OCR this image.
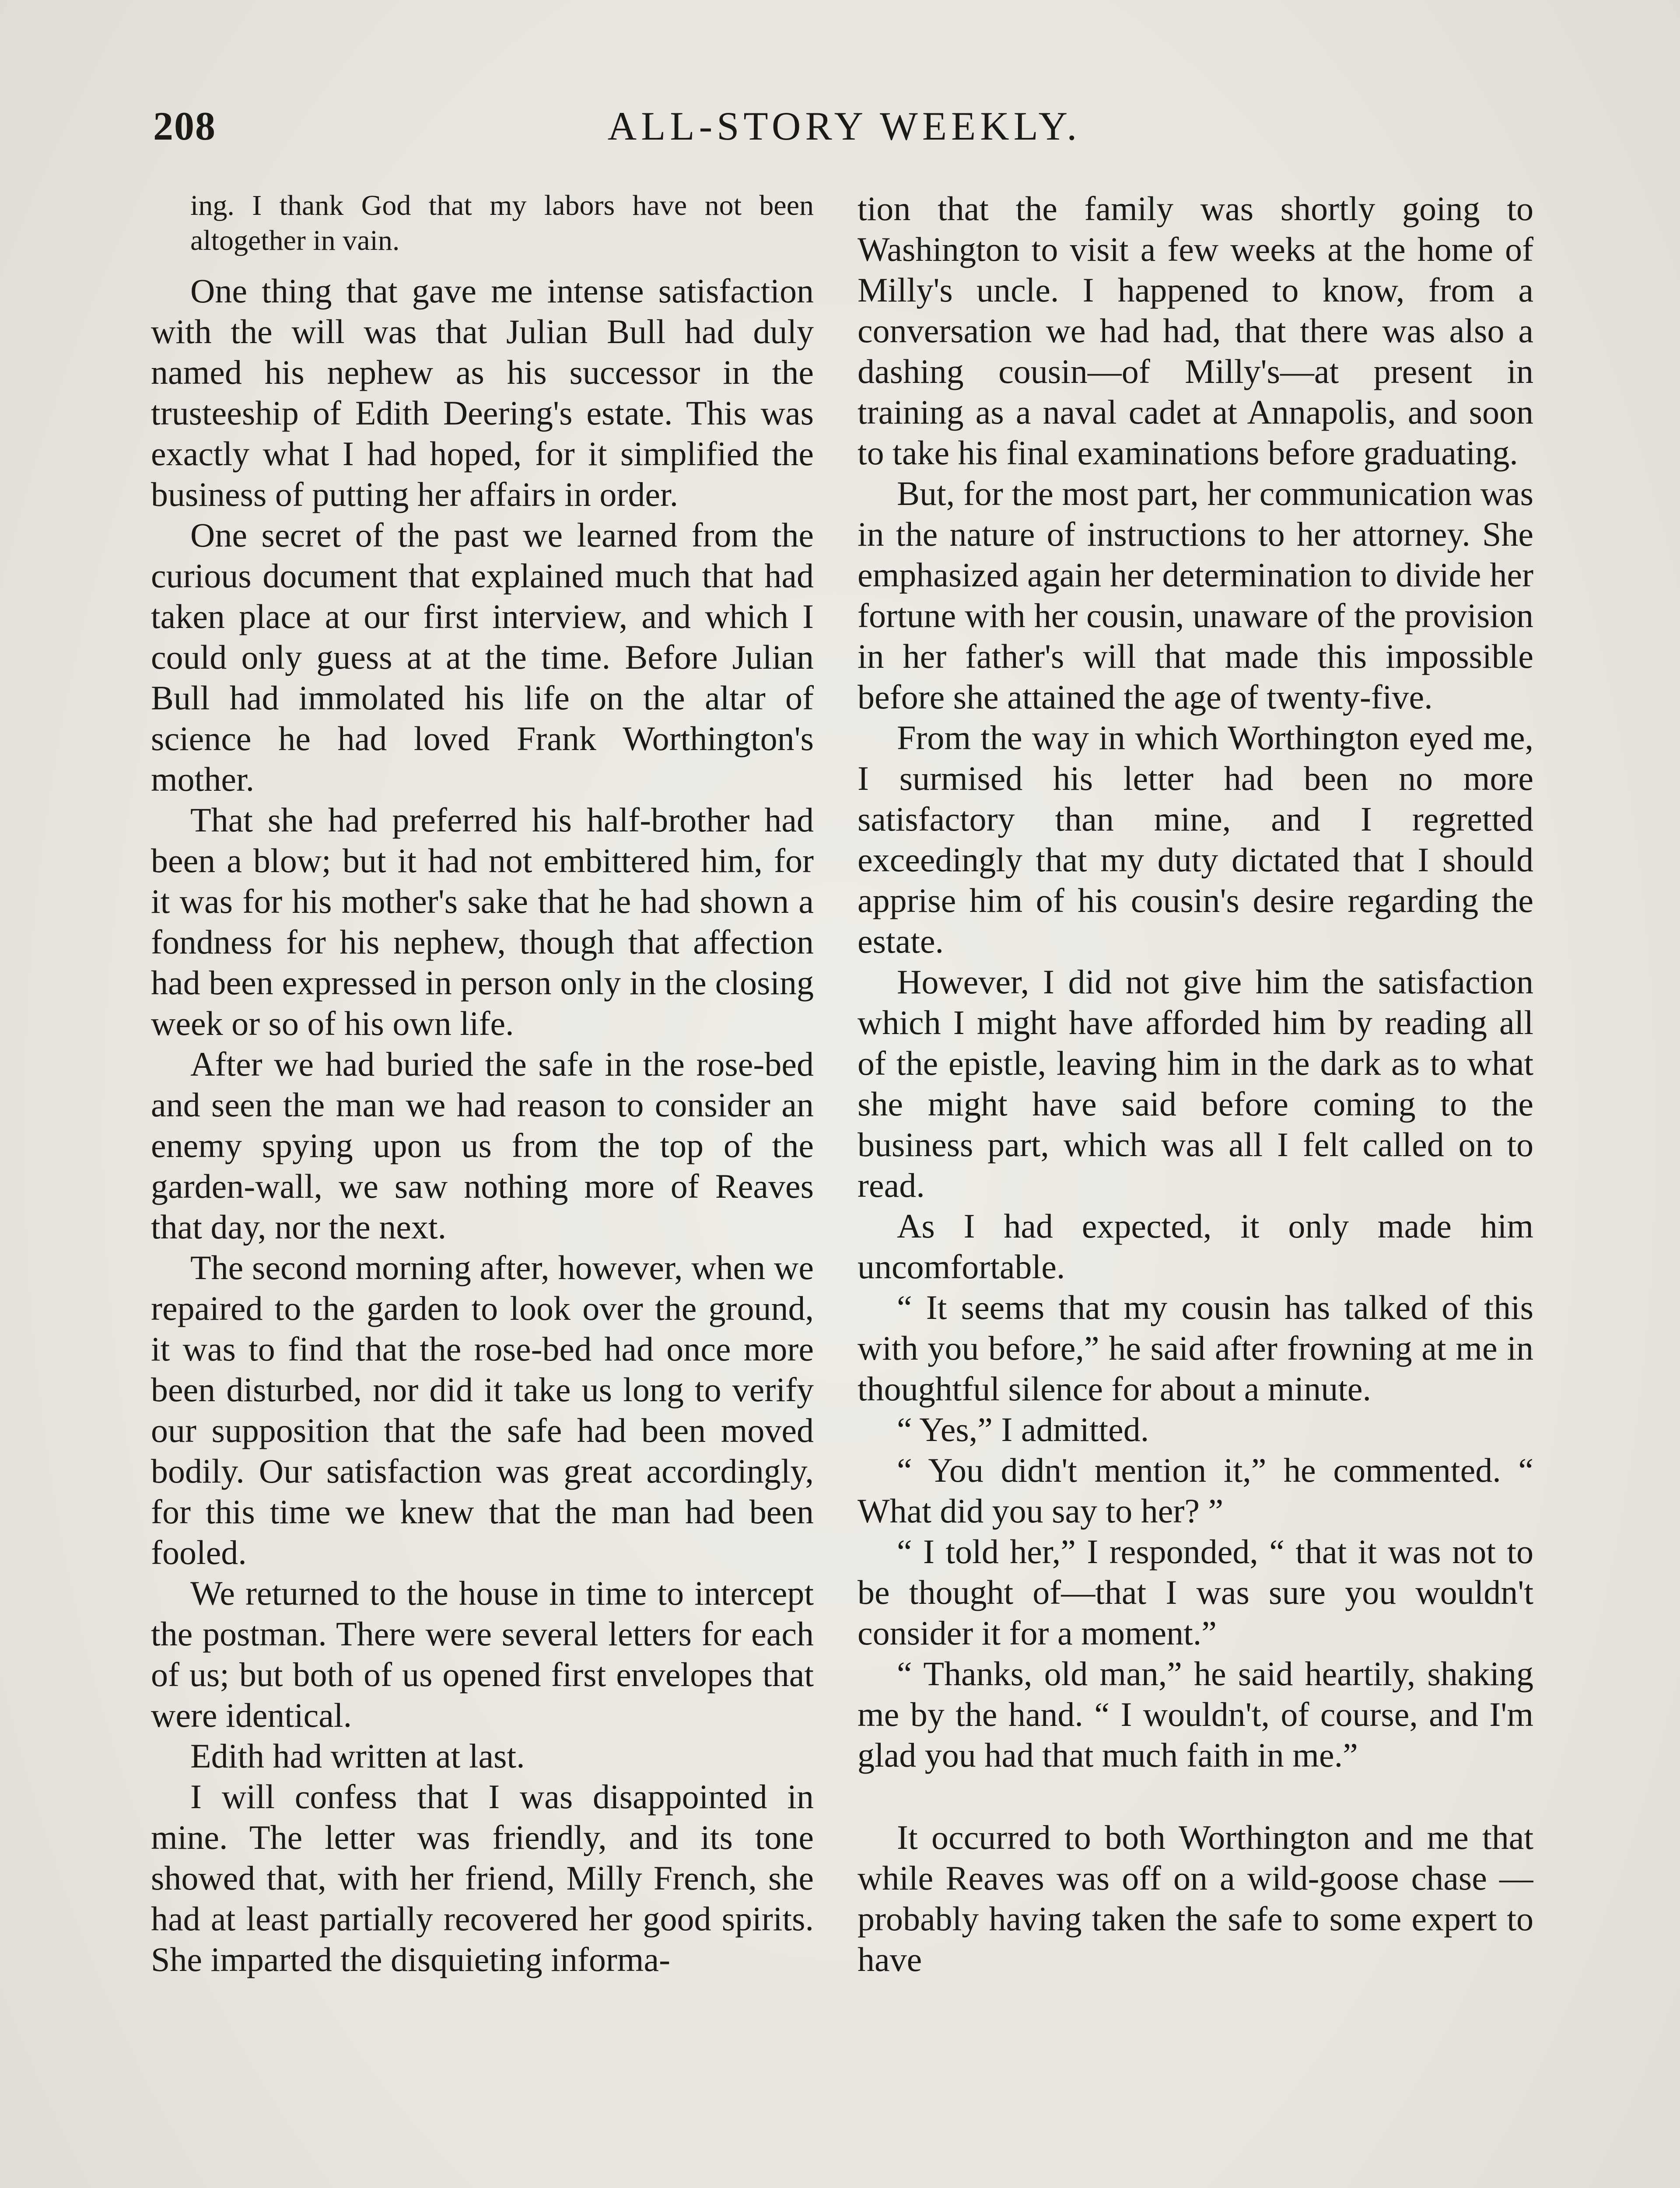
208	ALL-STORY WEEKLY.

ing. I thank God that my labors have not been altogether in vain.

One thing that gave me intense satisfaction with the will was that Julian Bull had duly named his nephew as his successor in the trusteeship of Edith Deering's estate. This was exactly what I had hoped, for it simplified the business of putting her affairs in order.

One secret of the past we learned from the curious document that explained much that had taken place at our first interview, and which I could only guess at at the time. Before Julian Bull had immolated his life on the altar of science he had loved Frank Worthington's mother.

That she had preferred his half-brother had been a blow; but it had not embittered him, for it was for his mother's sake that he had shown a fondness for his nephew, though that affection had been expressed in person only in the closing week or so of his own life.

After we had buried the safe in the rose-bed and seen the man we had reason to consider an enemy spying upon us from the top of the garden-wall, we saw nothing more of Reaves that day, nor the next.

The second morning after, however, when we repaired to the garden to look over the ground, it was to find that the rose-bed had once more been disturbed, nor did it take us long to verify our supposition that the safe had been moved bodily. Our satisfaction was great accordingly, for this time we knew that the man had been fooled.

We returned to the house in time to intercept the postman. There were several letters for each of us; but both of us opened first envelopes that were identical.

Edith had written at last.

I will confess that I was disappointed in mine. The letter was friendly, and its tone showed that, with her friend, Milly French, she had at least partially recovered her good spirits. She imparted the disquieting informa-

tion that the family was shortly going to Washington to visit a few weeks at the home of Milly's uncle. I happened to know, from a conversation we had had, that there was also a dashing cousin—of Milly's—at present in training as a naval cadet at Annapolis, and soon to take his final examinations before graduating.

But, for the most part, her communication was in the nature of instructions to her attorney. She emphasized again her determination to divide her fortune with her cousin, unaware of the provision in her father's will that made this impossible before she attained the age of twenty-five.

From the way in which Worthington eyed me, I surmised his letter had been no more satisfactory than mine, and I regretted exceedingly that my duty dictated that I should apprise him of his cousin's desire regarding the estate.

However, I did not give him the satisfaction which I might have afforded him by reading all of the epistle, leaving him in the dark as to what she might have said before coming to the business part, which was all I felt called on to read.

As I had expected, it only made him uncomfortable.

“ It seems that my cousin has talked of this with you before,” he said after frowning at me in thoughtful silence for about a minute.

“ Yes,” I admitted.

“ You didn't mention it,” he commented. “ What did you say to her? ”

“ I told her,” I responded, “ that it was not to be thought of—that I was sure you wouldn't consider it for a moment.”

“ Thanks, old man,” he said heartily, shaking me by the hand. “ I wouldn't, of course, and I'm glad you had that much faith in me.”

It occurred to both Worthington and me that while Reaves was off on a wild-goose chase — probably having taken the safe to some expert to have
